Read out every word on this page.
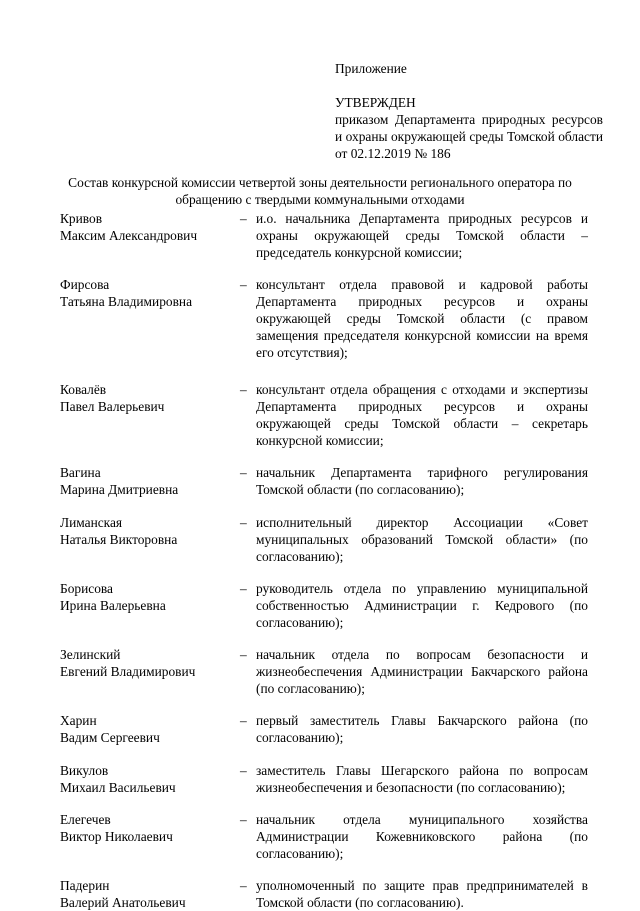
Приложение
УТВЕРЖДЕН
приказом Департамента природных ресурсов и охраны окружающей среды Томской области от 02.12.2019 № 186
Состав конкурсной комиссии четвертой зоны деятельности регионального оператора по обращению с твердыми коммунальными отходами
Кривов
Максим Александрович
– и.о. начальника Департамента природных ресурсов и охраны окружающей среды Томской области – председатель конкурсной комиссии;
Фирсова
Татьяна Владимировна
– консультант отдела правовой и кадровой работы Департамента природных ресурсов и охраны окружающей среды Томской области (с правом замещения председателя конкурсной комиссии на время его отсутствия);
Ковалёв
Павел Валерьевич
– консультант отдела обращения с отходами и экспертизы Департамента природных ресурсов и охраны окружающей среды Томской области – секретарь конкурсной комиссии;
Вагина
Марина Дмитриевна
– начальник Департамента тарифного регулирования Томской области (по согласованию);
Лиманская
Наталья Викторовна
– исполнительный директор Ассоциации «Совет муниципальных образований Томской области» (по согласованию);
Борисова
Ирина Валерьевна
– руководитель отдела по управлению муниципальной собственностью Администрации г. Кедрового (по согласованию);
Зелинский
Евгений Владимирович
– начальник отдела по вопросам безопасности и жизнеобеспечения Администрации Бакчарского района (по согласованию);
Харин
Вадим Сергеевич
– первый заместитель Главы Бакчарского района (по согласованию);
Викулов
Михаил Васильевич
– заместитель Главы Шегарского района по вопросам жизнеобеспечения и безопасности (по согласованию);
Елегечев
Виктор Николаевич
– начальник отдела муниципального хозяйства Администрации Кожевниковского района (по согласованию);
Падерин
Валерий Анатольевич
– уполномоченный по защите прав предпринимателей в Томской области (по согласованию).
